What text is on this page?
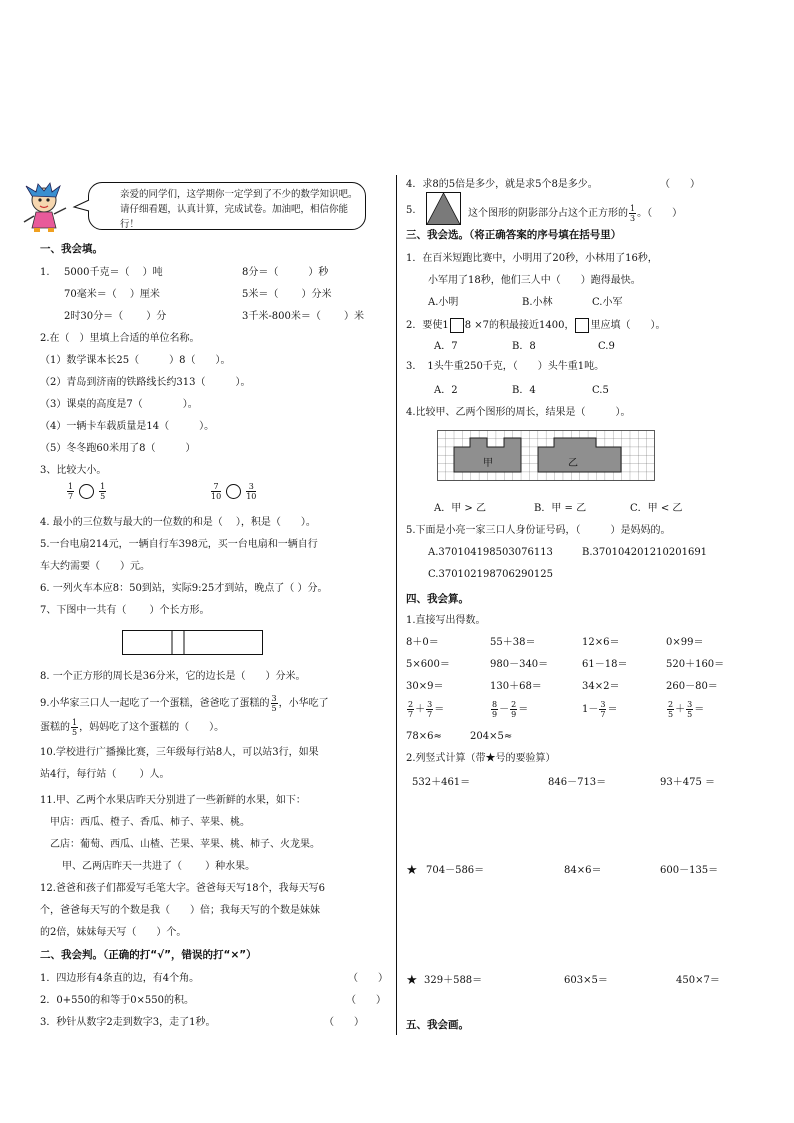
亲爱的同学们，这学期你一定学到了不少的数学知识吧。请仔细看题，认真计算，完成试卷。加油吧，相信你能行！
一、我会填。
1. 5000千克＝（　 ）吨	8分＝（　　　）秒
70毫米＝（　 ）厘米	5米＝（　　 ）分米
2时30分＝（　　 ）分	3千米-800米＝（　　 ）米
2.在（　）里填上合适的单位名称。
（1）数学课本长25（　　　）8（　　）。
（2）青岛到济南的铁路线长约313（　　　）。
（3）课桌的高度是7（　　　　）。
（4）一辆卡车载质量是14（　　　）。
（5）冬冬跑60米用了8（　　　）
3、比较大小。
$\frac{1}{7}$	$\frac{1}{5}$	$\frac{7}{10}$	$\frac{3}{10}$
4. 最小的三位数与最大的一位数的和是（　 ），积是（　　）。
5.一台电扇214元，一辆自行车398元，买一台电扇和一辆自行
车大约需要（　　）元。
6. 一列火车本应8：50到站，实际9:25才到站，晚点了（ ）分。
7、下图中一共有（　　 ）个长方形。
8. 一个正方形的周长是36分米，它的边长是（　　）分米。
9.小华家三口人一起吃了一个蛋糕，爸爸吃了蛋糕的 $\frac{3}{5}$ ，小华吃了
蛋糕的 $\frac{1}{5}$ ，妈妈吃了这个蛋糕的（　　）。
10.学校进行广播操比赛，三年级每行站8人，可以站3行，如果
站4行，每行站（　　 ）人。
11.甲、乙两个水果店昨天分别进了一些新鲜的水果，如下：
甲店：西瓜、橙子、香瓜、柿子、苹果、桃。
乙店：葡萄、西瓜、山楂、芒果、苹果、桃、柿子、火龙果。
甲、乙两店昨天一共进了（　　 ）种水果。
12.爸爸和孩子们都爱写毛笔大字。爸爸每天写18个，我每天写6
个，爸爸每天写的个数是我（　　）倍；我每天写的个数是妹妹
的2倍，妹妹每天写（　　）个。
二、我会判。（正确的打“√”，错误的打“×”）
1．四边形有4条直的边，有4个角。	（　　）
2．0+550的和等于0×550的积。	（　　）
3．秒针从数字2走到数字3，走了1秒。	（　　）
4．求8的5倍是多少，就是求5个8是多少。	（　　）
5.	这个图形的阴影部分占这个正方形的 $\frac{1}{3}$ 。（　　）
三、我会选。（将正确答案的序号填在括号里）
1．在百米短跑比赛中，小明用了20秒，小林用了16秒，
小军用了18秒，他们三人中（　　）跑得最快。
A.小明	B.小林	C.小军
2．要使1 8 ×7的积最接近1400， 里应填（　　）。
A．7	B．8	C.9
3．　1头牛重250千克，（　　）头牛重1吨。
A．2	B．4	C.5
4.比较甲、乙两个图形的周长，结果是（　　　）。
甲	乙
A．甲 > 乙	B．甲 = 乙	C．甲 < 乙
5.下面是小亮一家三口人身份证号码，（　　　）是妈妈的。
A.370104198503076113	B.370104201210201691
C.370102198706290125
四、我会算。
1.直接写出得数。
8＋0＝	55＋38＝	12×6＝	0×99＝
5×600＝	980－340＝	61－18＝	520＋160＝
30×9＝	130＋68＝	34×2＝	260－80＝
$\frac{2}{7} + \frac{3}{7}$ ＝	$\frac{8}{9} - \frac{2}{9}$ ＝	$1- \frac{3}{7}$ ＝	$\frac{2}{5} + \frac{3}{5}$ ＝
78×6≈	204×5≈
2.列竖式计算（带★号的要验算）
532＋461＝	846－713＝	93＋475 ＝
★ 704－586＝	84×6＝	600－135＝
★ 329＋588＝	603×5＝	450×7＝
五、我会画。
